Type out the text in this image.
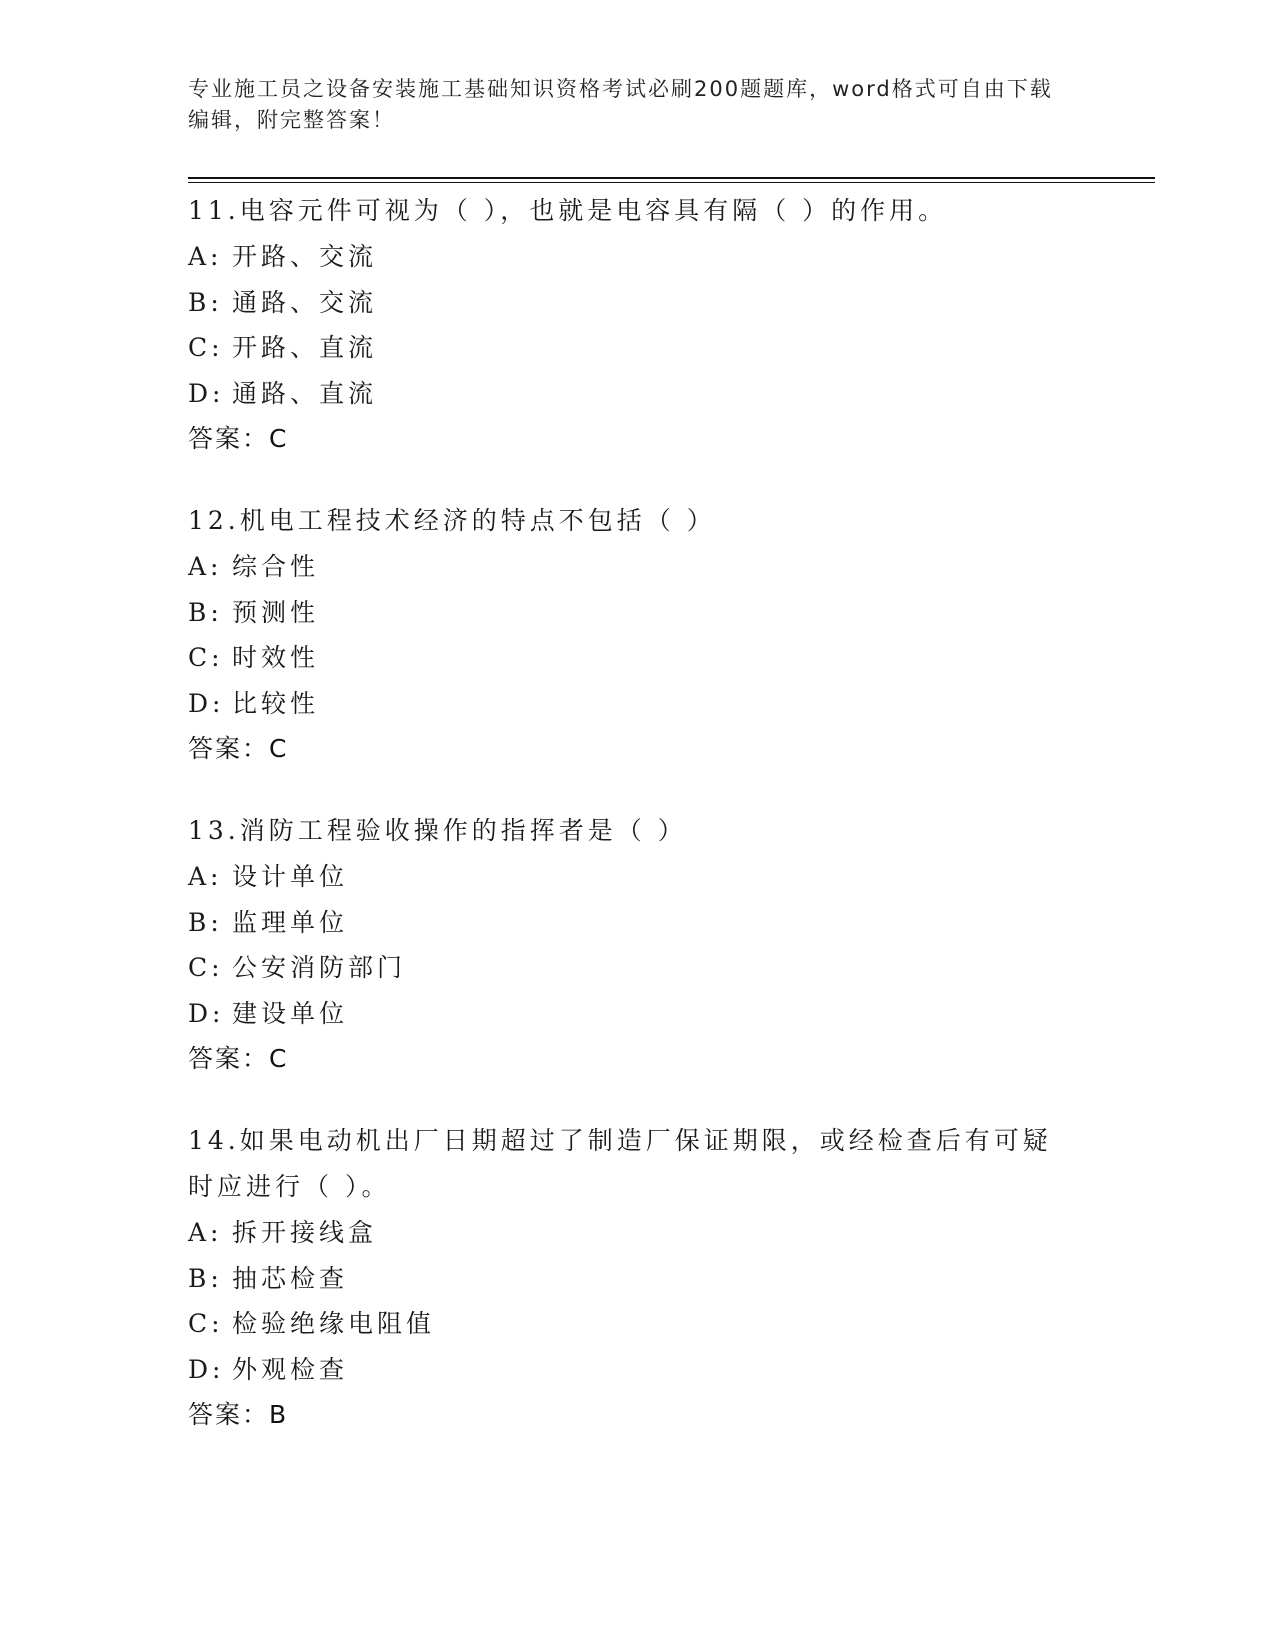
专业施工员之设备安装施工基础知识资格考试必刷200题题库，word格式可自由下载编辑，附完整答案！

11.电容元件可视为（ ），也就是电容具有隔（ ）的作用。

A: 开路、交流

B: 通路、交流

C: 开路、直流

D: 通路、直流

答案：C

12.机电工程技术经济的特点不包括（ ）

A: 综合性

B: 预测性

C: 时效性

D: 比较性

答案：C

13.消防工程验收操作的指挥者是（ ）

A: 设计单位

B: 监理单位

C: 公安消防部门

D: 建设单位

答案：C

14.如果电动机出厂日期超过了制造厂保证期限，或经检查后有可疑时应进行（ ）。

A: 拆开接线盒

B: 抽芯检查

C: 检验绝缘电阻值

D: 外观检查

答案：B
